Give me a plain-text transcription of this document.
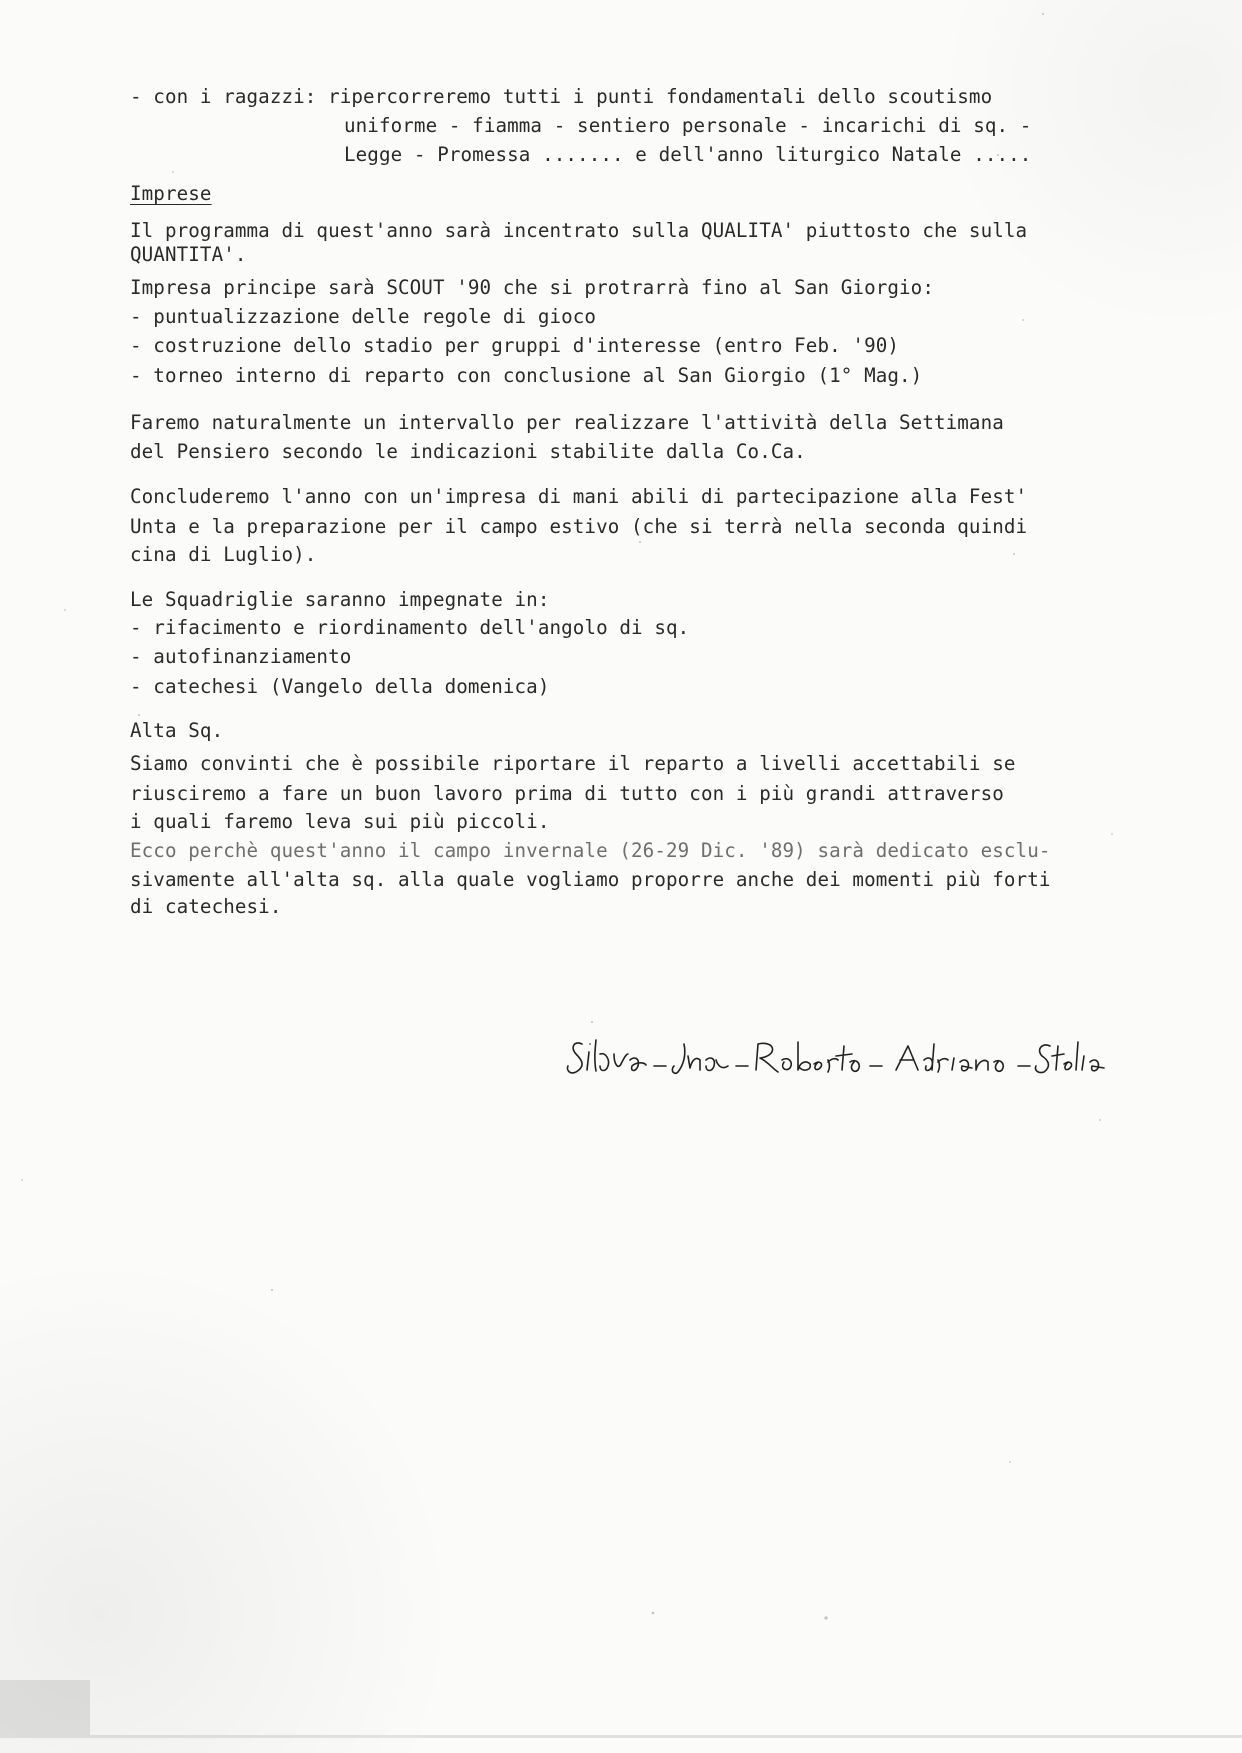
- con i ragazzi: ripercorreremo tutti i punti fondamentali dello scoutismo
uniforme - fiamma - sentiero personale - incarichi di sq. -
Legge - Promessa ....... e dell'anno liturgico Natale .....
Imprese
Il programma di quest'anno sarà incentrato sulla QUALITA' piuttosto che sulla
QUANTITA'.
Impresa principe sarà SCOUT '90 che si protrarrà fino al San Giorgio:
- puntualizzazione delle regole di gioco
- costruzione dello stadio per gruppi d'interesse (entro Feb. '90)
- torneo interno di reparto con conclusione al San Giorgio (1° Mag.)
Faremo naturalmente un intervallo per realizzare l'attività della Settimana
del Pensiero secondo le indicazioni stabilite dalla Co.Ca.
Concluderemo l'anno con un'impresa di mani abili di partecipazione alla Fest'
Unta e la preparazione per il campo estivo (che si terrà nella seconda quindi
cina di Luglio).
Le Squadriglie saranno impegnate in:
- rifacimento e riordinamento dell'angolo di sq.
- autofinanziamento
- catechesi (Vangelo della domenica)
Alta Sq.
Siamo convinti che è possibile riportare il reparto a livelli accettabili se
riusciremo a fare un buon lavoro prima di tutto con i più grandi attraverso
i quali faremo leva sui più piccoli.
Ecco perchè quest'anno il campo invernale (26-29 Dic. '89) sarà dedicato esclu-
sivamente all'alta sq. alla quale vogliamo proporre anche dei momenti più forti
di catechesi.
